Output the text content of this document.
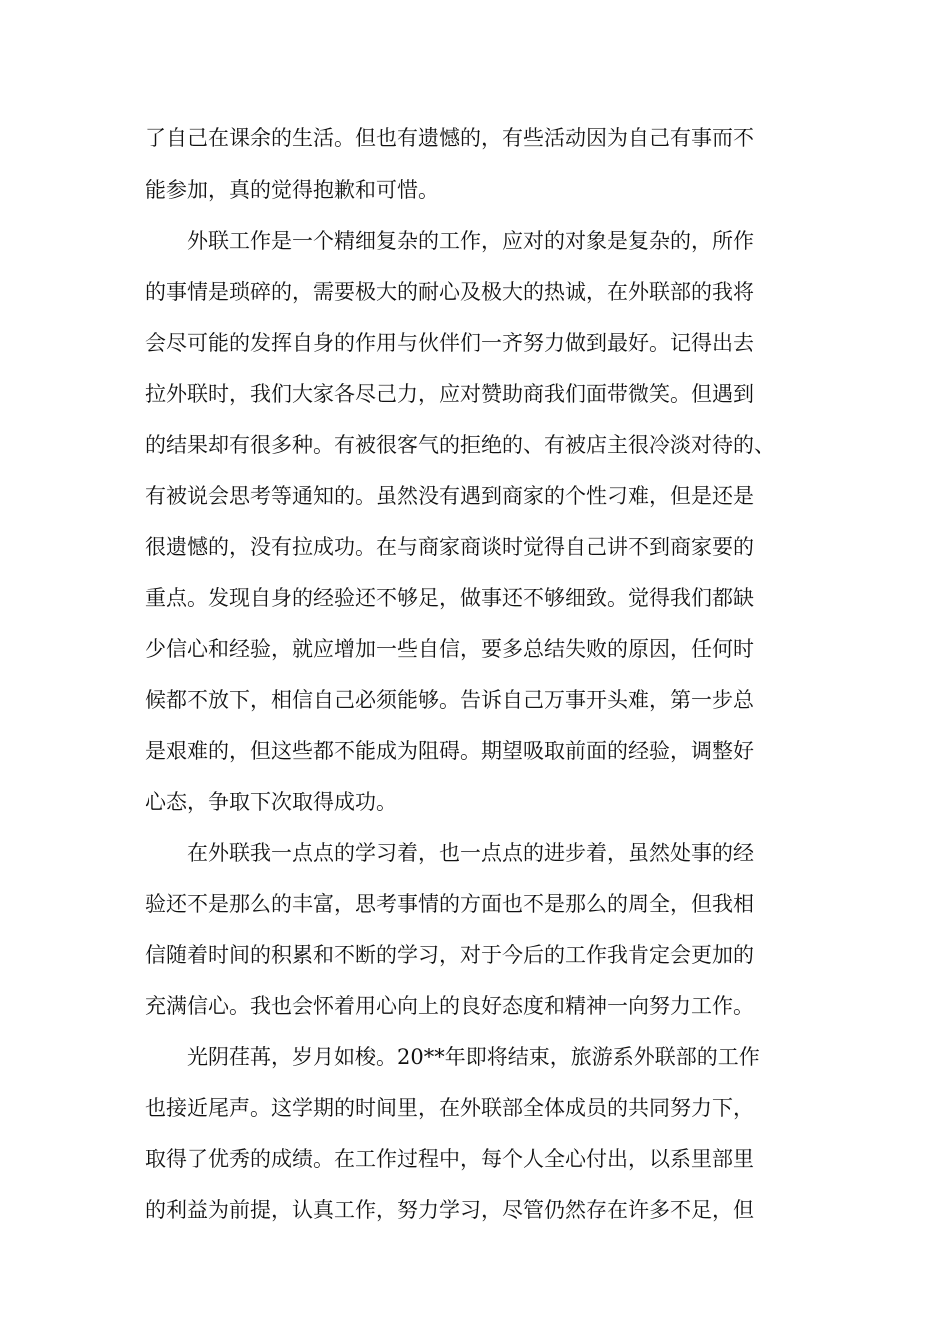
了自己在课余的生活。但也有遗憾的，有些活动因为自己有事而不

能参加，真的觉得抱歉和可惜。

外联工作是一个精细复杂的工作，应对的对象是复杂的，所作

的事情是琐碎的，需要极大的耐心及极大的热诚，在外联部的我将

会尽可能的发挥自身的作用与伙伴们一齐努力做到最好。记得出去

拉外联时，我们大家各尽己力，应对赞助商我们面带微笑。但遇到

的结果却有很多种。有被很客气的拒绝的、有被店主很冷淡对待的、

有被说会思考等通知的。虽然没有遇到商家的个性刁难，但是还是

很遗憾的，没有拉成功。在与商家商谈时觉得自己讲不到商家要的

重点。发现自身的经验还不够足，做事还不够细致。觉得我们都缺

少信心和经验，就应增加一些自信，要多总结失败的原因，任何时

候都不放下，相信自己必须能够。告诉自己万事开头难，第一步总

是艰难的，但这些都不能成为阻碍。期望吸取前面的经验，调整好

心态，争取下次取得成功。

在外联我一点点的学习着，也一点点的进步着，虽然处事的经

验还不是那么的丰富，思考事情的方面也不是那么的周全，但我相

信随着时间的积累和不断的学习，对于今后的工作我肯定会更加的

充满信心。我也会怀着用心向上的良好态度和精神一向努力工作。

光阴荏苒，岁月如梭。20**年即将结束，旅游系外联部的工作

也接近尾声。这学期的时间里，在外联部全体成员的共同努力下，

取得了优秀的成绩。在工作过程中，每个人全心付出，以系里部里

的利益为前提，认真工作，努力学习，尽管仍然存在许多不足，但
